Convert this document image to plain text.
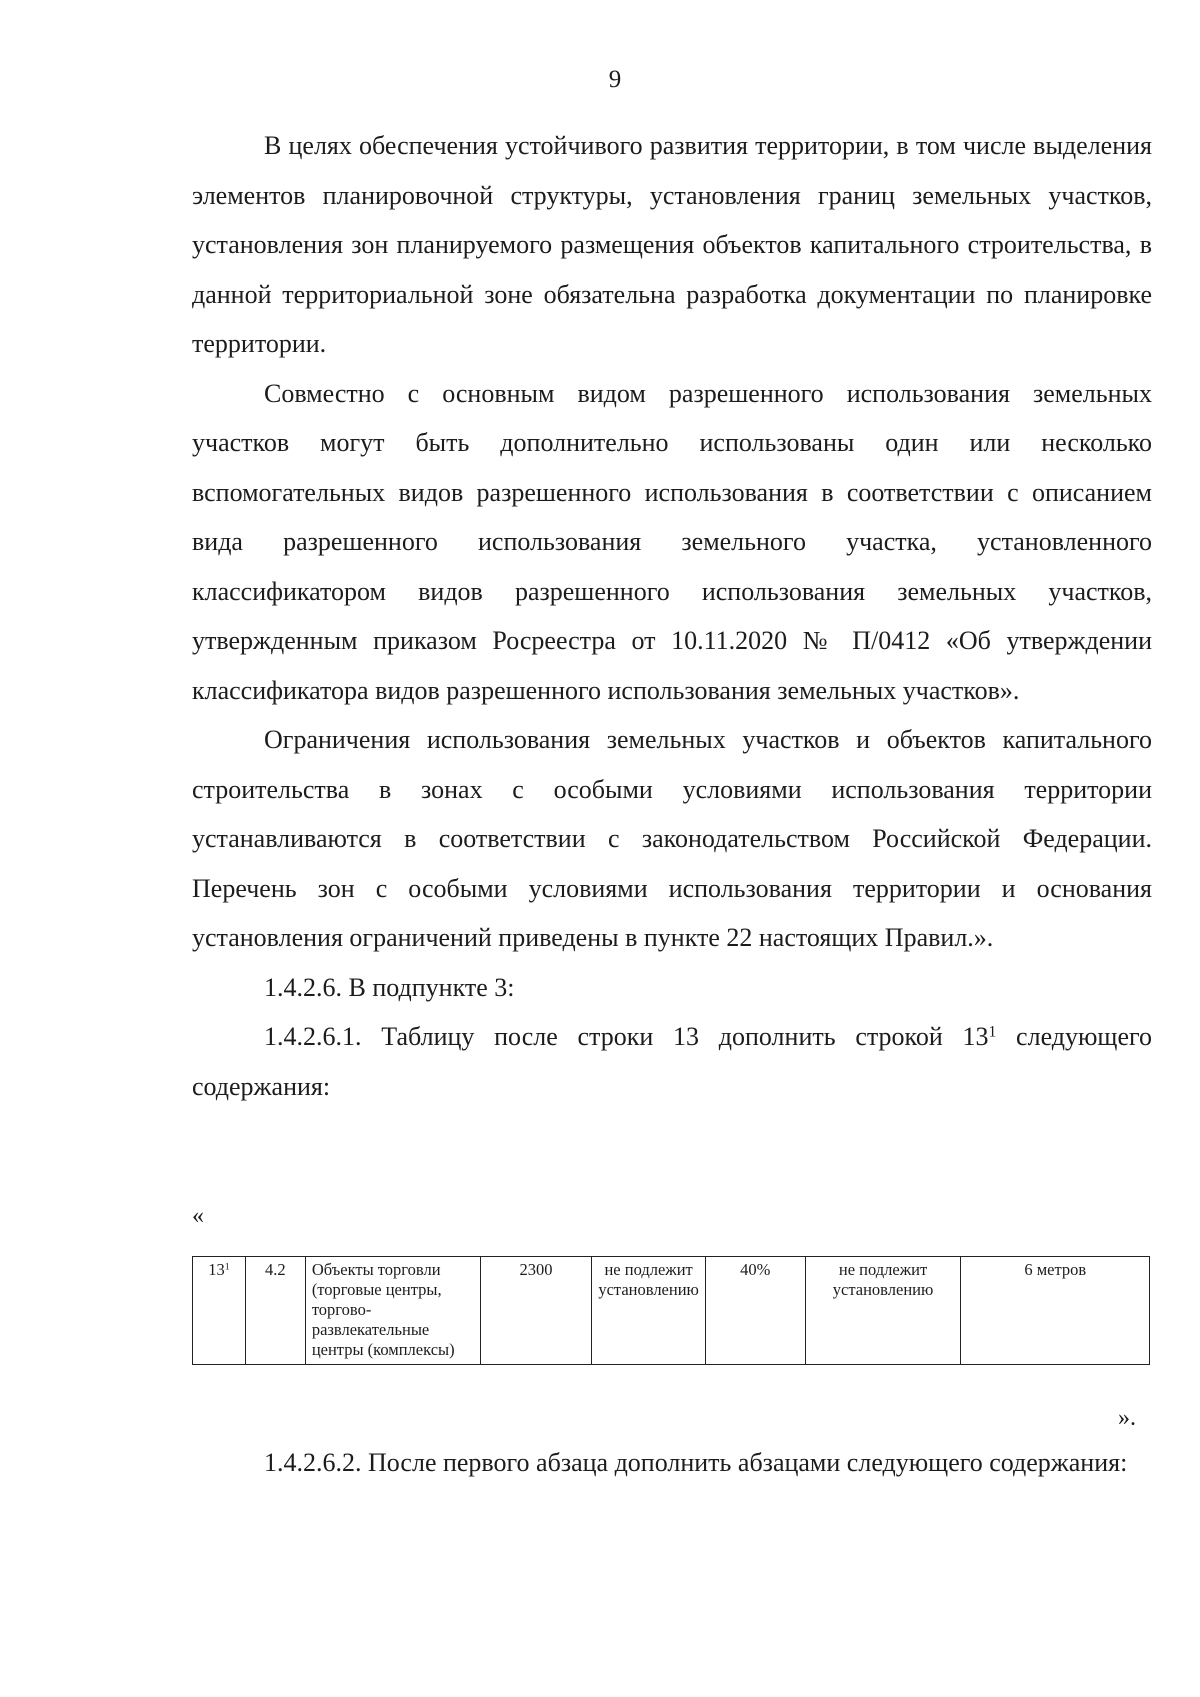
9

В целях обеспечения устойчивого развития территории, в том числе выделения элементов планировочной структуры, установления границ земельных участков, установления зон планируемого размещения объектов капитального строительства, в данной территориальной зоне обязательна разработка документации по планировке территории.

Совместно с основным видом разрешенного использования земельных участков могут быть дополнительно использованы один или несколько вспомогательных видов разрешенного использования в соответствии с описанием вида разрешенного использования земельного участка, установленного классификатором видов разрешенного использования земельных участков, утвержденным приказом Росреестра от 10.11.2020 № П/0412 «Об утверждении классификатора видов разрешенного использования земельных участков».

Ограничения использования земельных участков и объектов капитального строительства в зонах с особыми условиями использования территории устанавливаются в соответствии с законодательством Российской Федерации. Перечень зон с особыми условиями использования территории и основания установления ограничений приведены в пункте 22 настоящих Правил.».

1.4.2.6. В подпункте 3:

1.4.2.6.1. Таблицу после строки 13 дополнить строкой $13^1$ следующего содержания:

«
$13^1$	4.2	Объекты торговли (торговые центры, торгово-развлекательные центры (комплексы)	2300	не подлежит установлению	40%	не подлежит установлению	6 метров
».

1.4.2.6.2. После первого абзаца дополнить абзацами следующего содержания:
